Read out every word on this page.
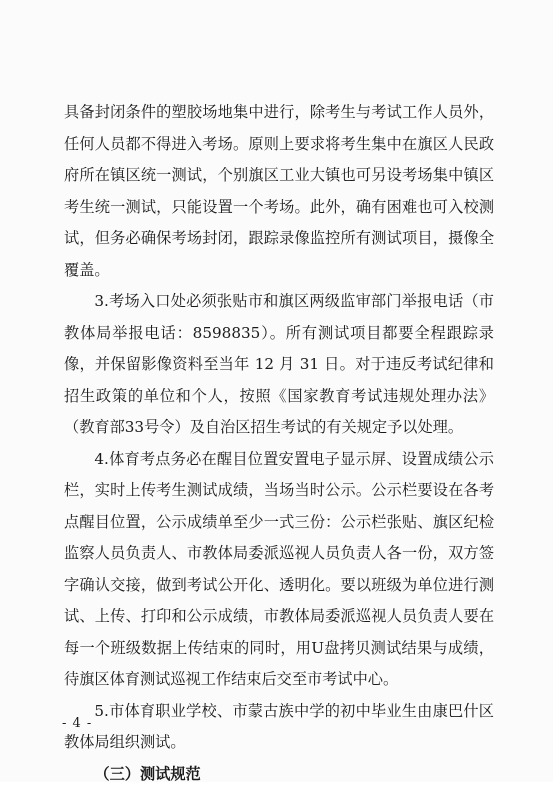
具备封闭条件的塑胶场地集中进行，除考生与考试工作人员外，任何人员都不得进入考场。原则上要求将考生集中在旗区人民政府所在镇区统一测试，个别旗区工业大镇也可另设考场集中镇区考生统一测试，只能设置一个考场。此外，确有困难也可入校测试，但务必确保考场封闭，跟踪录像监控所有测试项目，摄像全覆盖。

3.考场入口处必须张贴市和旗区两级监审部门举报电话（市教体局举报电话：8598835）。所有测试项目都要全程跟踪录像，并保留影像资料至当年 12 月 31 日。对于违反考试纪律和招生政策的单位和个人，按照《国家教育考试违规处理办法》（教育部33号令）及自治区招生考试的有关规定予以处理。

4.体育考点务必在醒目位置安置电子显示屏、设置成绩公示栏，实时上传考生测试成绩，当场当时公示。公示栏要设在各考点醒目位置，公示成绩单至少一式三份：公示栏张贴、旗区纪检监察人员负责人、市教体局委派巡视人员负责人各一份，双方签字确认交接，做到考试公开化、透明化。要以班级为单位进行测试、上传、打印和公示成绩，市教体局委派巡视人员负责人要在每一个班级数据上传结束的同时，用U盘拷贝测试结果与成绩，待旗区体育测试巡视工作结束后交至市考试中心。

5.市体育职业学校、市蒙古族中学的初中毕业生由康巴什区教体局组织测试。

（三）测试规范

- 4 -
